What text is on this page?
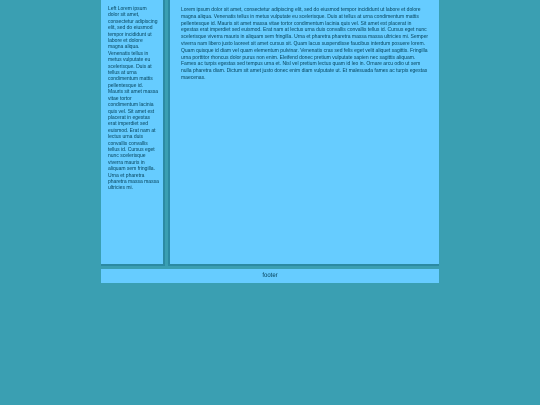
Left Lorem ipsum dolor sit amet, consectetur adipiscing elit, sed do eiusmod tempor incididunt ut labore et dolore magna aliqua. Venenatis tellus in metus vulputate eu scelerisque. Duis at tellus at urna condimentum mattis pellentesque id. Mauris sit amet massa vitae tortor condimentum lacinia quis vel. Sit amet est placerat in egestas erat imperdiet sed euismod. Erat nam at lectus urna duis convallis convallis tellus id. Cursus eget nunc scelerisque viverra mauris in aliquam sem fringilla. Urna et pharetra pharetra massa massa ultricies mi.

Lorem ipsum dolor sit amet, consectetur adipiscing elit, sed do eiusmod tempor incididunt ut labore et dolore magna aliqua. Venenatis tellus in metus vulputate eu scelerisque. Duis at tellus at urna condimentum mattis pellentesque id. Mauris sit amet massa vitae tortor condimentum lacinia quis vel. Sit amet est placerat in egestas erat imperdiet sed euismod. Erat nam at lectus urna duis convallis convallis tellus id. Cursus eget nunc scelerisque viverra mauris in aliquam sem fringilla. Urna et pharetra pharetra massa massa ultricies mi. Semper viverra nam libero justo laoreet sit amet cursus sit. Quam lacus suspendisse faucibus interdum posuere lorem. Quam quisque id diam vel quam elementum pulvinar. Venenatis cras sed felis eget velit aliquet sagittis. Fringilla urna porttitor rhoncus dolor purus non enim. Eleifend donec pretium vulputate sapien nec sagittis aliquam. Fames ac turpis egestas sed tempus urna et. Nisl vel pretium lectus quam id leo in. Ornare arcu odio ut sem nulla pharetra diam. Dictum sit amet justo donec enim diam vulputate ut. Et malesuada fames ac turpis egestas maecenas.

footer
